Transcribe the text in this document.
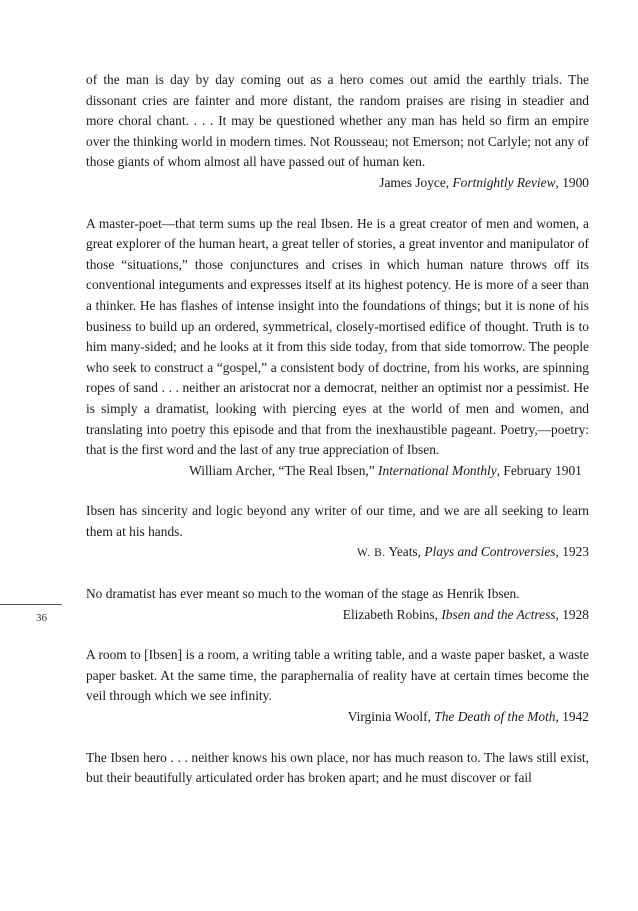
36

of the man is day by day coming out as a hero comes out amid the earthly trials. The dissonant cries are fainter and more distant, the random praises are rising in steadier and more choral chant. . . . It may be questioned whether any man has held so firm an empire over the thinking world in modern times. Not Rousseau; not Emerson; not Carlyle; not any of those giants of whom almost all have passed out of human ken.

James Joyce, Fortnightly Review, 1900

A master-poet—that term sums up the real Ibsen. He is a great creator of men and women, a great explorer of the human heart, a great teller of stories, a great inventor and manipulator of those “situations,” those conjunctures and crises in which human nature throws off its conventional integuments and expresses itself at its highest potency. He is more of a seer than a thinker. He has flashes of intense insight into the foundations of things; but it is none of his business to build up an ordered, symmetrical, closely-mortised edifice of thought. Truth is to him many-sided; and he looks at it from this side today, from that side tomorrow. The people who seek to construct a “gospel,” a consistent body of doctrine, from his works, are spinning ropes of sand . . . neither an aristocrat nor a democrat, neither an optimist nor a pessimist. He is simply a dramatist, looking with piercing eyes at the world of men and women, and translating into poetry this episode and that from the inexhaustible pageant. Poetry,—poetry: that is the first word and the last of any true appreciation of Ibsen.

William Archer, “The Real Ibsen,” International Monthly, February 1901

Ibsen has sincerity and logic beyond any writer of our time, and we are all seeking to learn them at his hands.

W. B. Yeats, Plays and Controversies, 1923

No dramatist has ever meant so much to the woman of the stage as Henrik Ibsen.

Elizabeth Robins, Ibsen and the Actress, 1928

A room to [Ibsen] is a room, a writing table a writing table, and a waste paper basket, a waste paper basket. At the same time, the paraphernalia of reality have at certain times become the veil through which we see infinity.

Virginia Woolf, The Death of the Moth, 1942

The Ibsen hero . . . neither knows his own place, nor has much reason to. The laws still exist, but their beautifully articulated order has broken apart; and he must discover or fail
